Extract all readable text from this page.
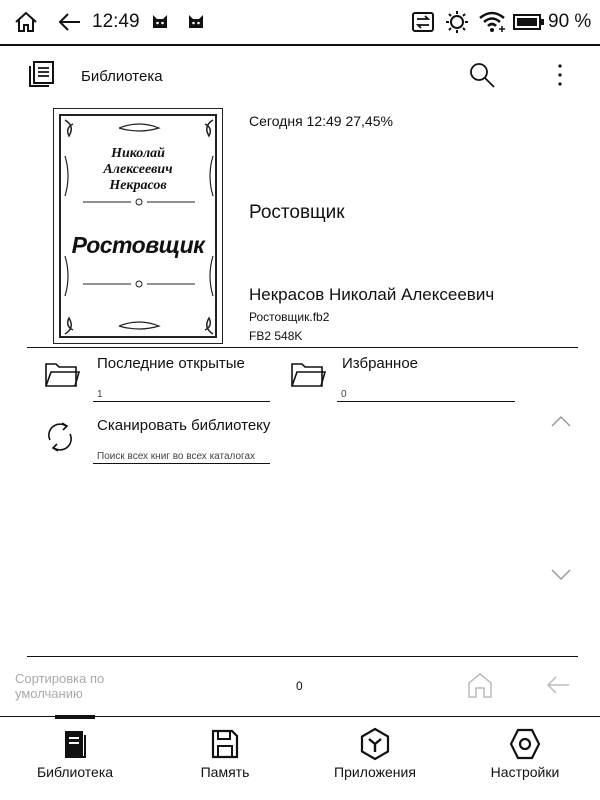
12:49	90 %
Библиотека
Николай
Алексеевич
Некрасов
Ростовщик
Сегодня 12:49 27,45%
Ростовщик
Некрасов Николай Алексеевич
Ростовщик.fb2
FB2 548K
Последние открытые
1
Избранное
0
Сканировать библиотеку
Поиск всех книг во всех каталогах
Сортировка по умолчанию	0
Библиотека	Память	Приложения	Настройки
